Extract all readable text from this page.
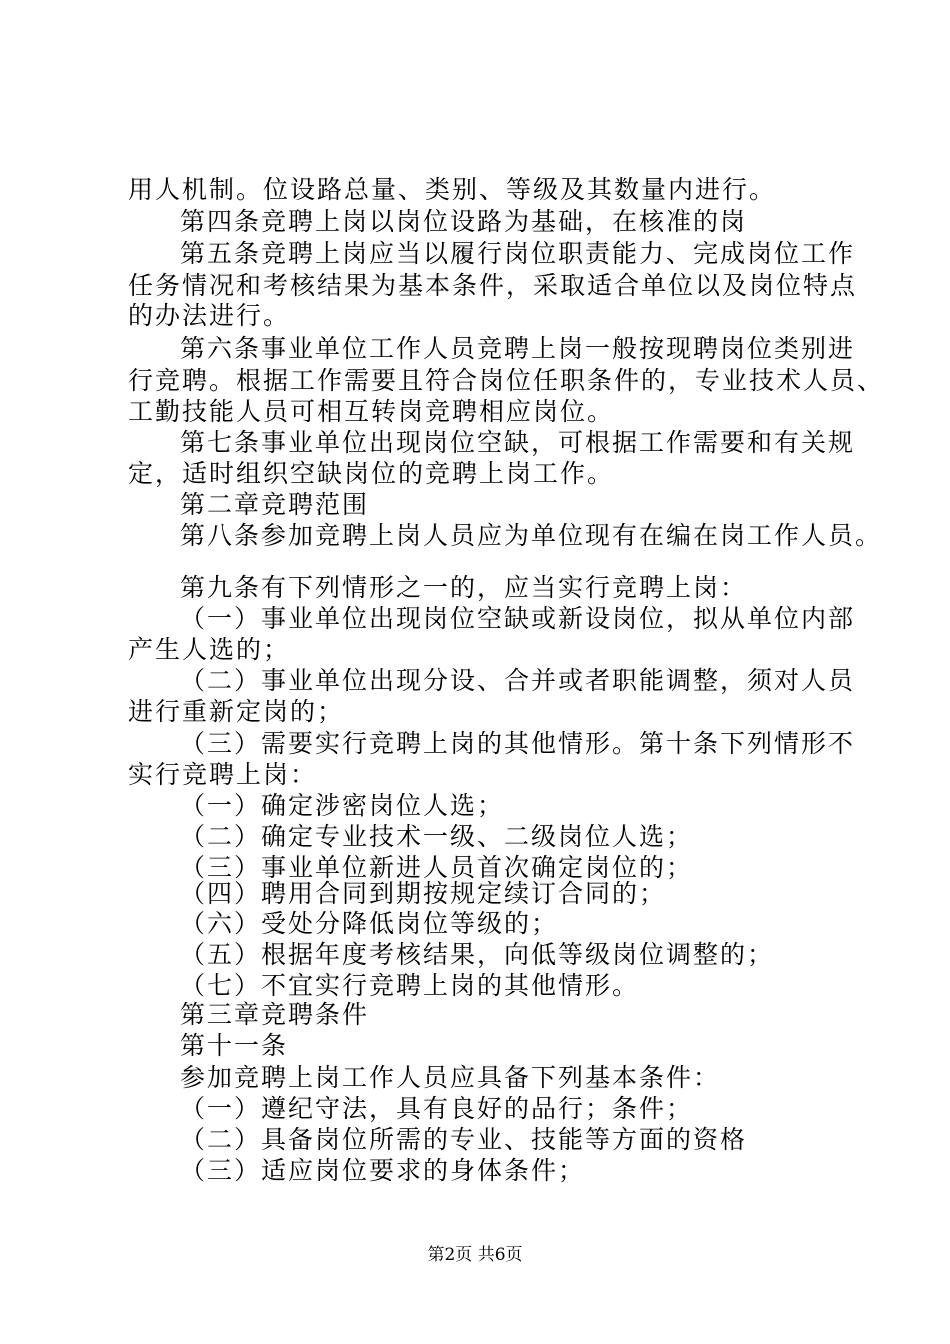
用人机制。位设路总量、类别、等级及其数量内进行。
第四条竞聘上岗以岗位设路为基础，在核准的岗
第五条竞聘上岗应当以履行岗位职责能力、完成岗位工作
任务情况和考核结果为基本条件，采取适合单位以及岗位特点
的办法进行。
第六条事业单位工作人员竞聘上岗一般按现聘岗位类别进
行竞聘。根据工作需要且符合岗位任职条件的，专业技术人员、
工勤技能人员可相互转岗竞聘相应岗位。
第七条事业单位出现岗位空缺，可根据工作需要和有关规
定，适时组织空缺岗位的竞聘上岗工作。
第二章竞聘范围
第八条参加竞聘上岗人员应为单位现有在编在岗工作人员。
第九条有下列情形之一的，应当实行竞聘上岗：
（一）事业单位出现岗位空缺或新设岗位，拟从单位内部
产生人选的；
（二）事业单位出现分设、合并或者职能调整，须对人员
进行重新定岗的；
（三）需要实行竞聘上岗的其他情形。第十条下列情形不
实行竞聘上岗：
（一）确定涉密岗位人选；
（二）确定专业技术一级、二级岗位人选；
（三）事业单位新进人员首次确定岗位的；
（四）聘用合同到期按规定续订合同的；
（六）受处分降低岗位等级的；
（五）根据年度考核结果，向低等级岗位调整的；
（七）不宜实行竞聘上岗的其他情形。
第三章竞聘条件
第十一条
参加竞聘上岗工作人员应具备下列基本条件：
（一）遵纪守法，具有良好的品行；条件；
（二）具备岗位所需的专业、技能等方面的资格
（三）适应岗位要求的身体条件；
第2页 共6页
